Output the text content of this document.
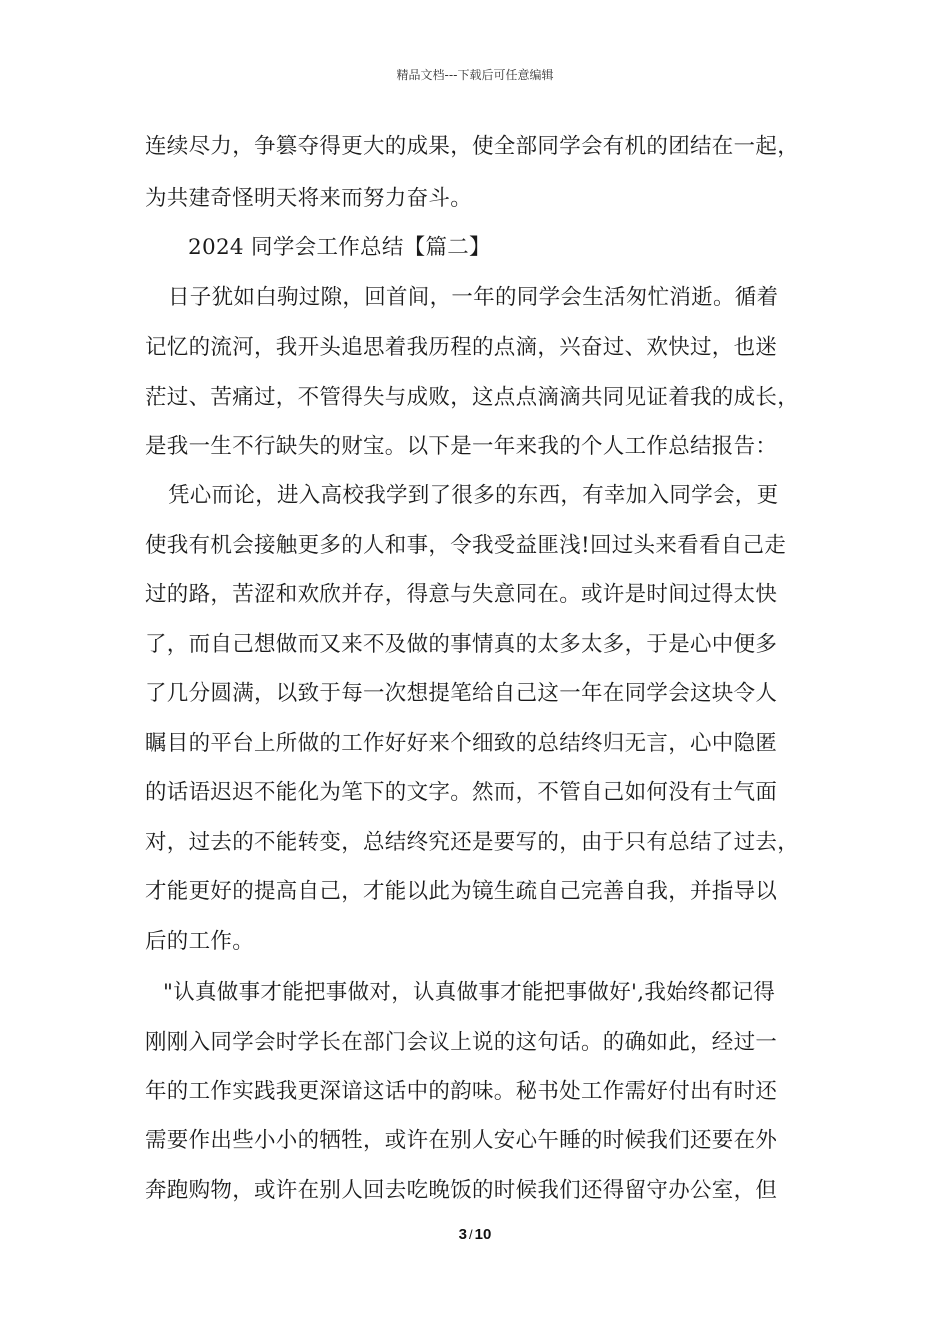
精品文档---下载后可任意编辑
连续尽力，争篡夺得更大的成果，使全部同学会有机的团结在一起，
为共建奇怪明天将来而努力奋斗。
2024 同学会工作总结【篇二】
日子犹如白驹过隙，回首间，一年的同学会生活匆忙消逝。循着
记忆的流河，我开头追思着我历程的点滴，兴奋过、欢快过，也迷
茫过、苦痛过，不管得失与成败，这点点滴滴共同见证着我的成长，
是我一生不行缺失的财宝。以下是一年来我的个人工作总结报告：
凭心而论，进入高校我学到了很多的东西，有幸加入同学会，更
使我有机会接触更多的人和事，令我受益匪浅!回过头来看看自己走
过的路，苦涩和欢欣并存，得意与失意同在。或许是时间过得太快
了，而自己想做而又来不及做的事情真的太多太多，于是心中便多
了几分圆满，以致于每一次想提笔给自己这一年在同学会这块令人
瞩目的平台上所做的工作好好来个细致的总结终归无言，心中隐匿
的话语迟迟不能化为笔下的文字。然而，不管自己如何没有士气面
对，过去的不能转变，总结终究还是要写的，由于只有总结了过去，
才能更好的提高自己，才能以此为镜生疏自己完善自我，并指导以
后的工作。
"认真做事才能把事做对，认真做事才能把事做好',我始终都记得
刚刚入同学会时学长在部门会议上说的这句话。的确如此，经过一
年的工作实践我更深谙这话中的韵味。秘书处工作需好付出有时还
需要作出些小小的牺牲，或许在别人安心午睡的时候我们还要在外
奔跑购物，或许在别人回去吃晚饭的时候我们还得留守办公室，但
3 / 10
